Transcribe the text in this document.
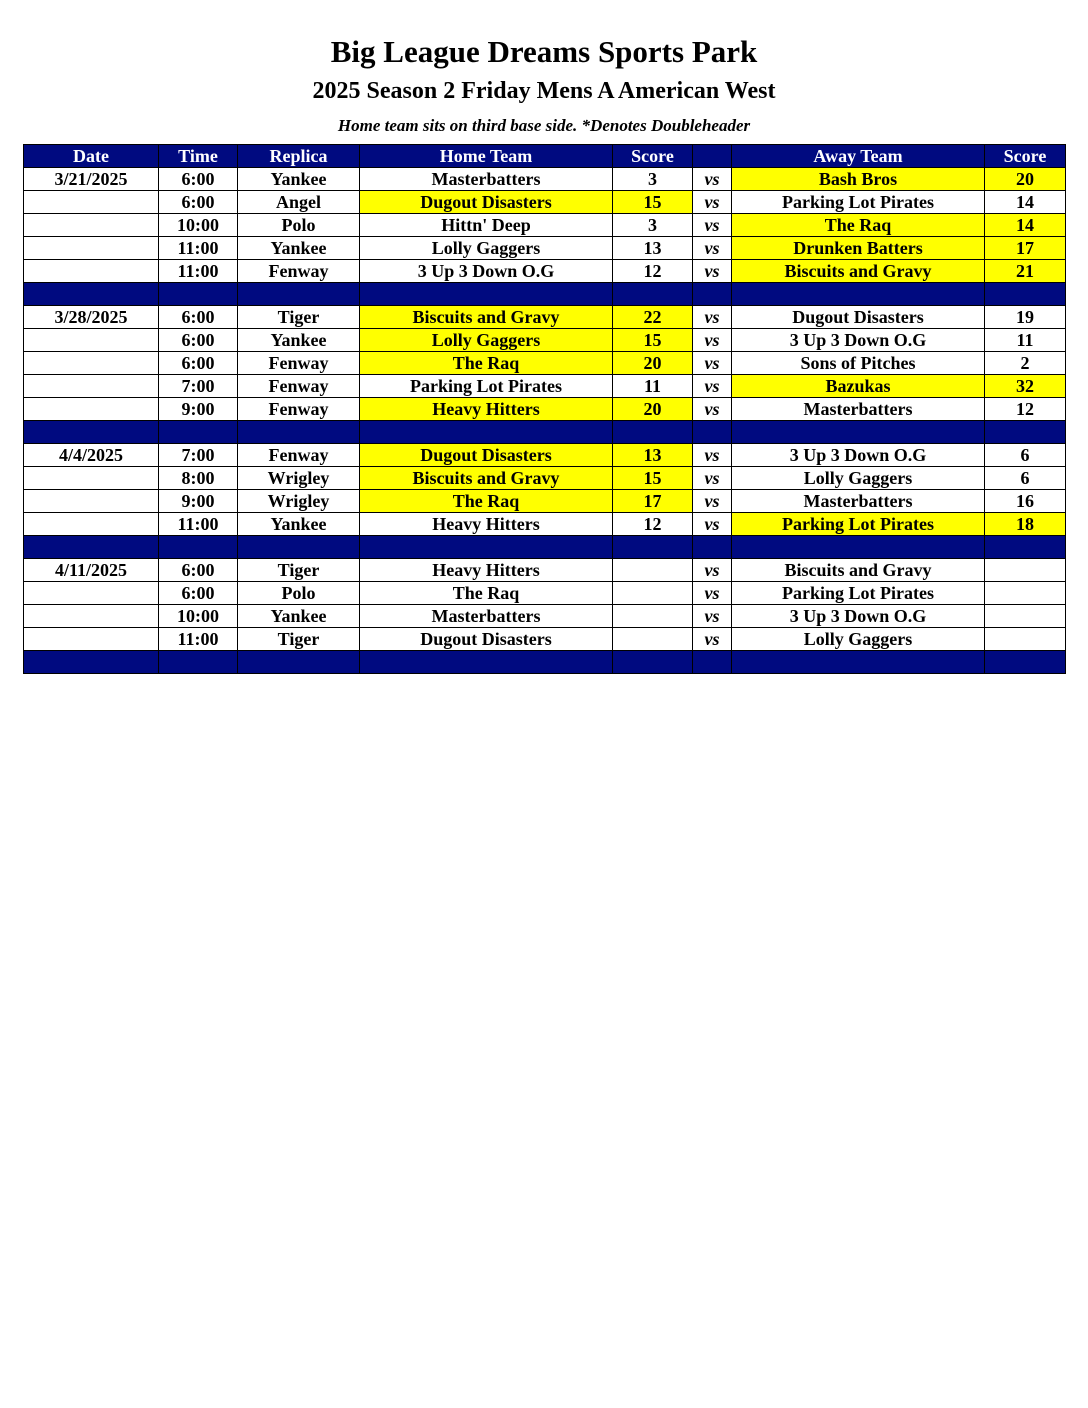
Big League Dreams Sports Park
2025 Season 2 Friday Mens A American West
Home team sits on third base side. *Denotes Doubleheader
Date	Time	Replica	Home Team	Score		Away Team	Score
3/21/2025	6:00	Yankee	Masterbatters	3	vs	Bash Bros	20
	6:00	Angel	Dugout Disasters	15	vs	Parking Lot Pirates	14
	10:00	Polo	Hittn' Deep	3	vs	The Raq	14
	11:00	Yankee	Lolly Gaggers	13	vs	Drunken Batters	17
	11:00	Fenway	3 Up 3 Down O.G	12	vs	Biscuits and Gravy	21

3/28/2025	6:00	Tiger	Biscuits and Gravy	22	vs	Dugout Disasters	19
	6:00	Yankee	Lolly Gaggers	15	vs	3 Up 3 Down O.G	11
	6:00	Fenway	The Raq	20	vs	Sons of Pitches	2
	7:00	Fenway	Parking Lot Pirates	11	vs	Bazukas	32
	9:00	Fenway	Heavy Hitters	20	vs	Masterbatters	12

4/4/2025	7:00	Fenway	Dugout Disasters	13	vs	3 Up 3 Down O.G	6
	8:00	Wrigley	Biscuits and Gravy	15	vs	Lolly Gaggers	6
	9:00	Wrigley	The Raq	17	vs	Masterbatters	16
	11:00	Yankee	Heavy Hitters	12	vs	Parking Lot Pirates	18

4/11/2025	6:00	Tiger	Heavy Hitters		vs	Biscuits and Gravy	
	6:00	Polo	The Raq		vs	Parking Lot Pirates	
	10:00	Yankee	Masterbatters		vs	3 Up 3 Down O.G	
	11:00	Tiger	Dugout Disasters		vs	Lolly Gaggers	
